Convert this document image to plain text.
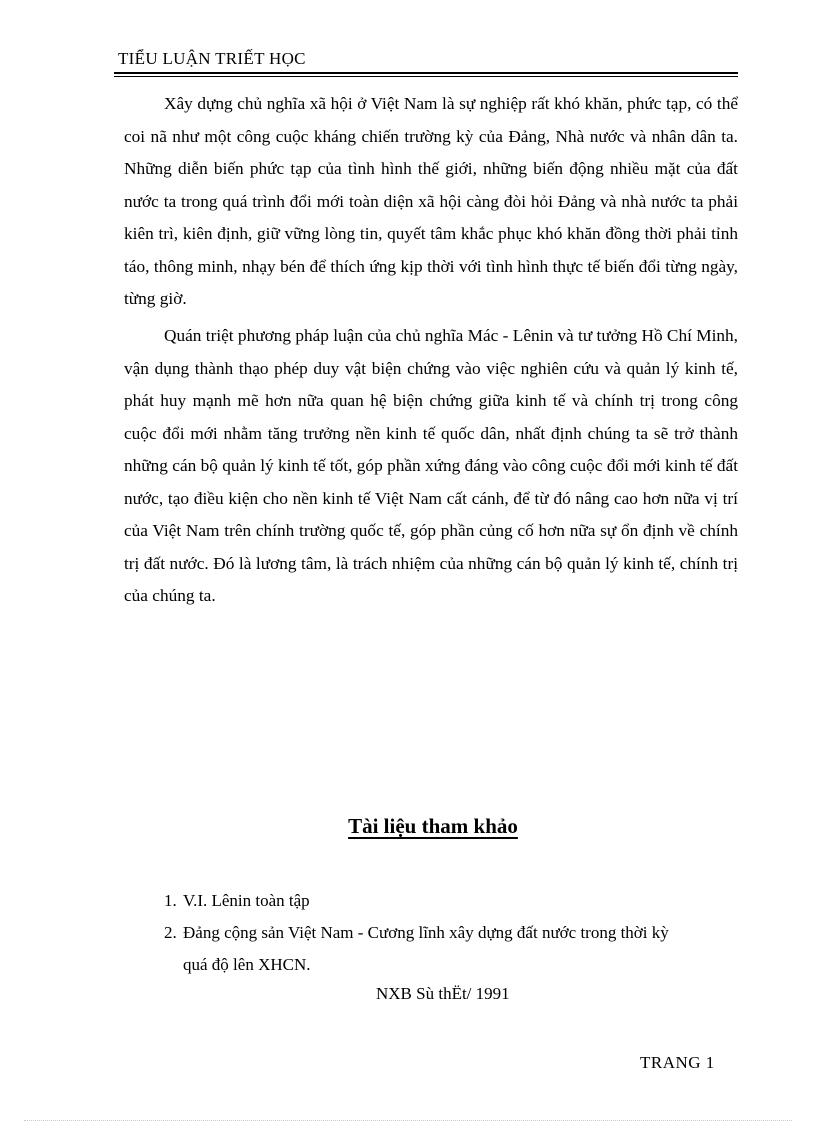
TIỂU LUẬN TRIẾT HỌC

Xây dựng chủ nghĩa xã hội ở Việt Nam là sự nghiệp rất khó khăn, phức tạp, có thể coi nã như một công cuộc kháng chiến trường kỳ của Đảng, Nhà nước và nhân dân ta. Những diễn biến phức tạp của tình hình thế giới, những biến động nhiều mặt của đất nước ta trong quá trình đổi mới toàn diện xã hội càng đòi hỏi Đảng và nhà nước ta phải kiên trì, kiên định, giữ vững lòng tin, quyết tâm khắc phục khó khăn đồng thời phải tỉnh táo, thông minh, nhạy bén để thích ứng kịp thời với tình hình thực tế biến đổi từng ngày, từng giờ.

Quán triệt phương pháp luận của chủ nghĩa Mác - Lênin và tư tưởng Hồ Chí Minh, vận dụng thành thạo phép duy vật biện chứng vào việc nghiên cứu và quản lý kinh tế, phát huy mạnh mẽ hơn nữa quan hệ biện chứng giữa kinh tế và chính trị trong công cuộc đổi mới nhằm tăng trưởng nền kinh tế quốc dân, nhất định chúng ta sẽ trở thành những cán bộ quản lý kinh tế tốt, góp phần xứng đáng vào công cuộc đổi mới kinh tế đất nước, tạo điều kiện cho nền kinh tế Việt Nam cất cánh, để từ đó nâng cao hơn nữa vị trí của Việt Nam trên chính trường quốc tế, góp phần củng cố hơn nữa sự ổn định về chính trị đất nước. Đó là lương tâm, là trách nhiệm của những cán bộ quản lý kinh tế, chính trị của chúng ta.

Tài liệu tham khảo
1. V.I. Lênin toàn tập
2. Đảng cộng sản Việt Nam - Cương lĩnh xây dựng đất nước trong thời kỳ
quá độ lên XHCN.
NXB Sù thËt/ 1991
TRANG 1
